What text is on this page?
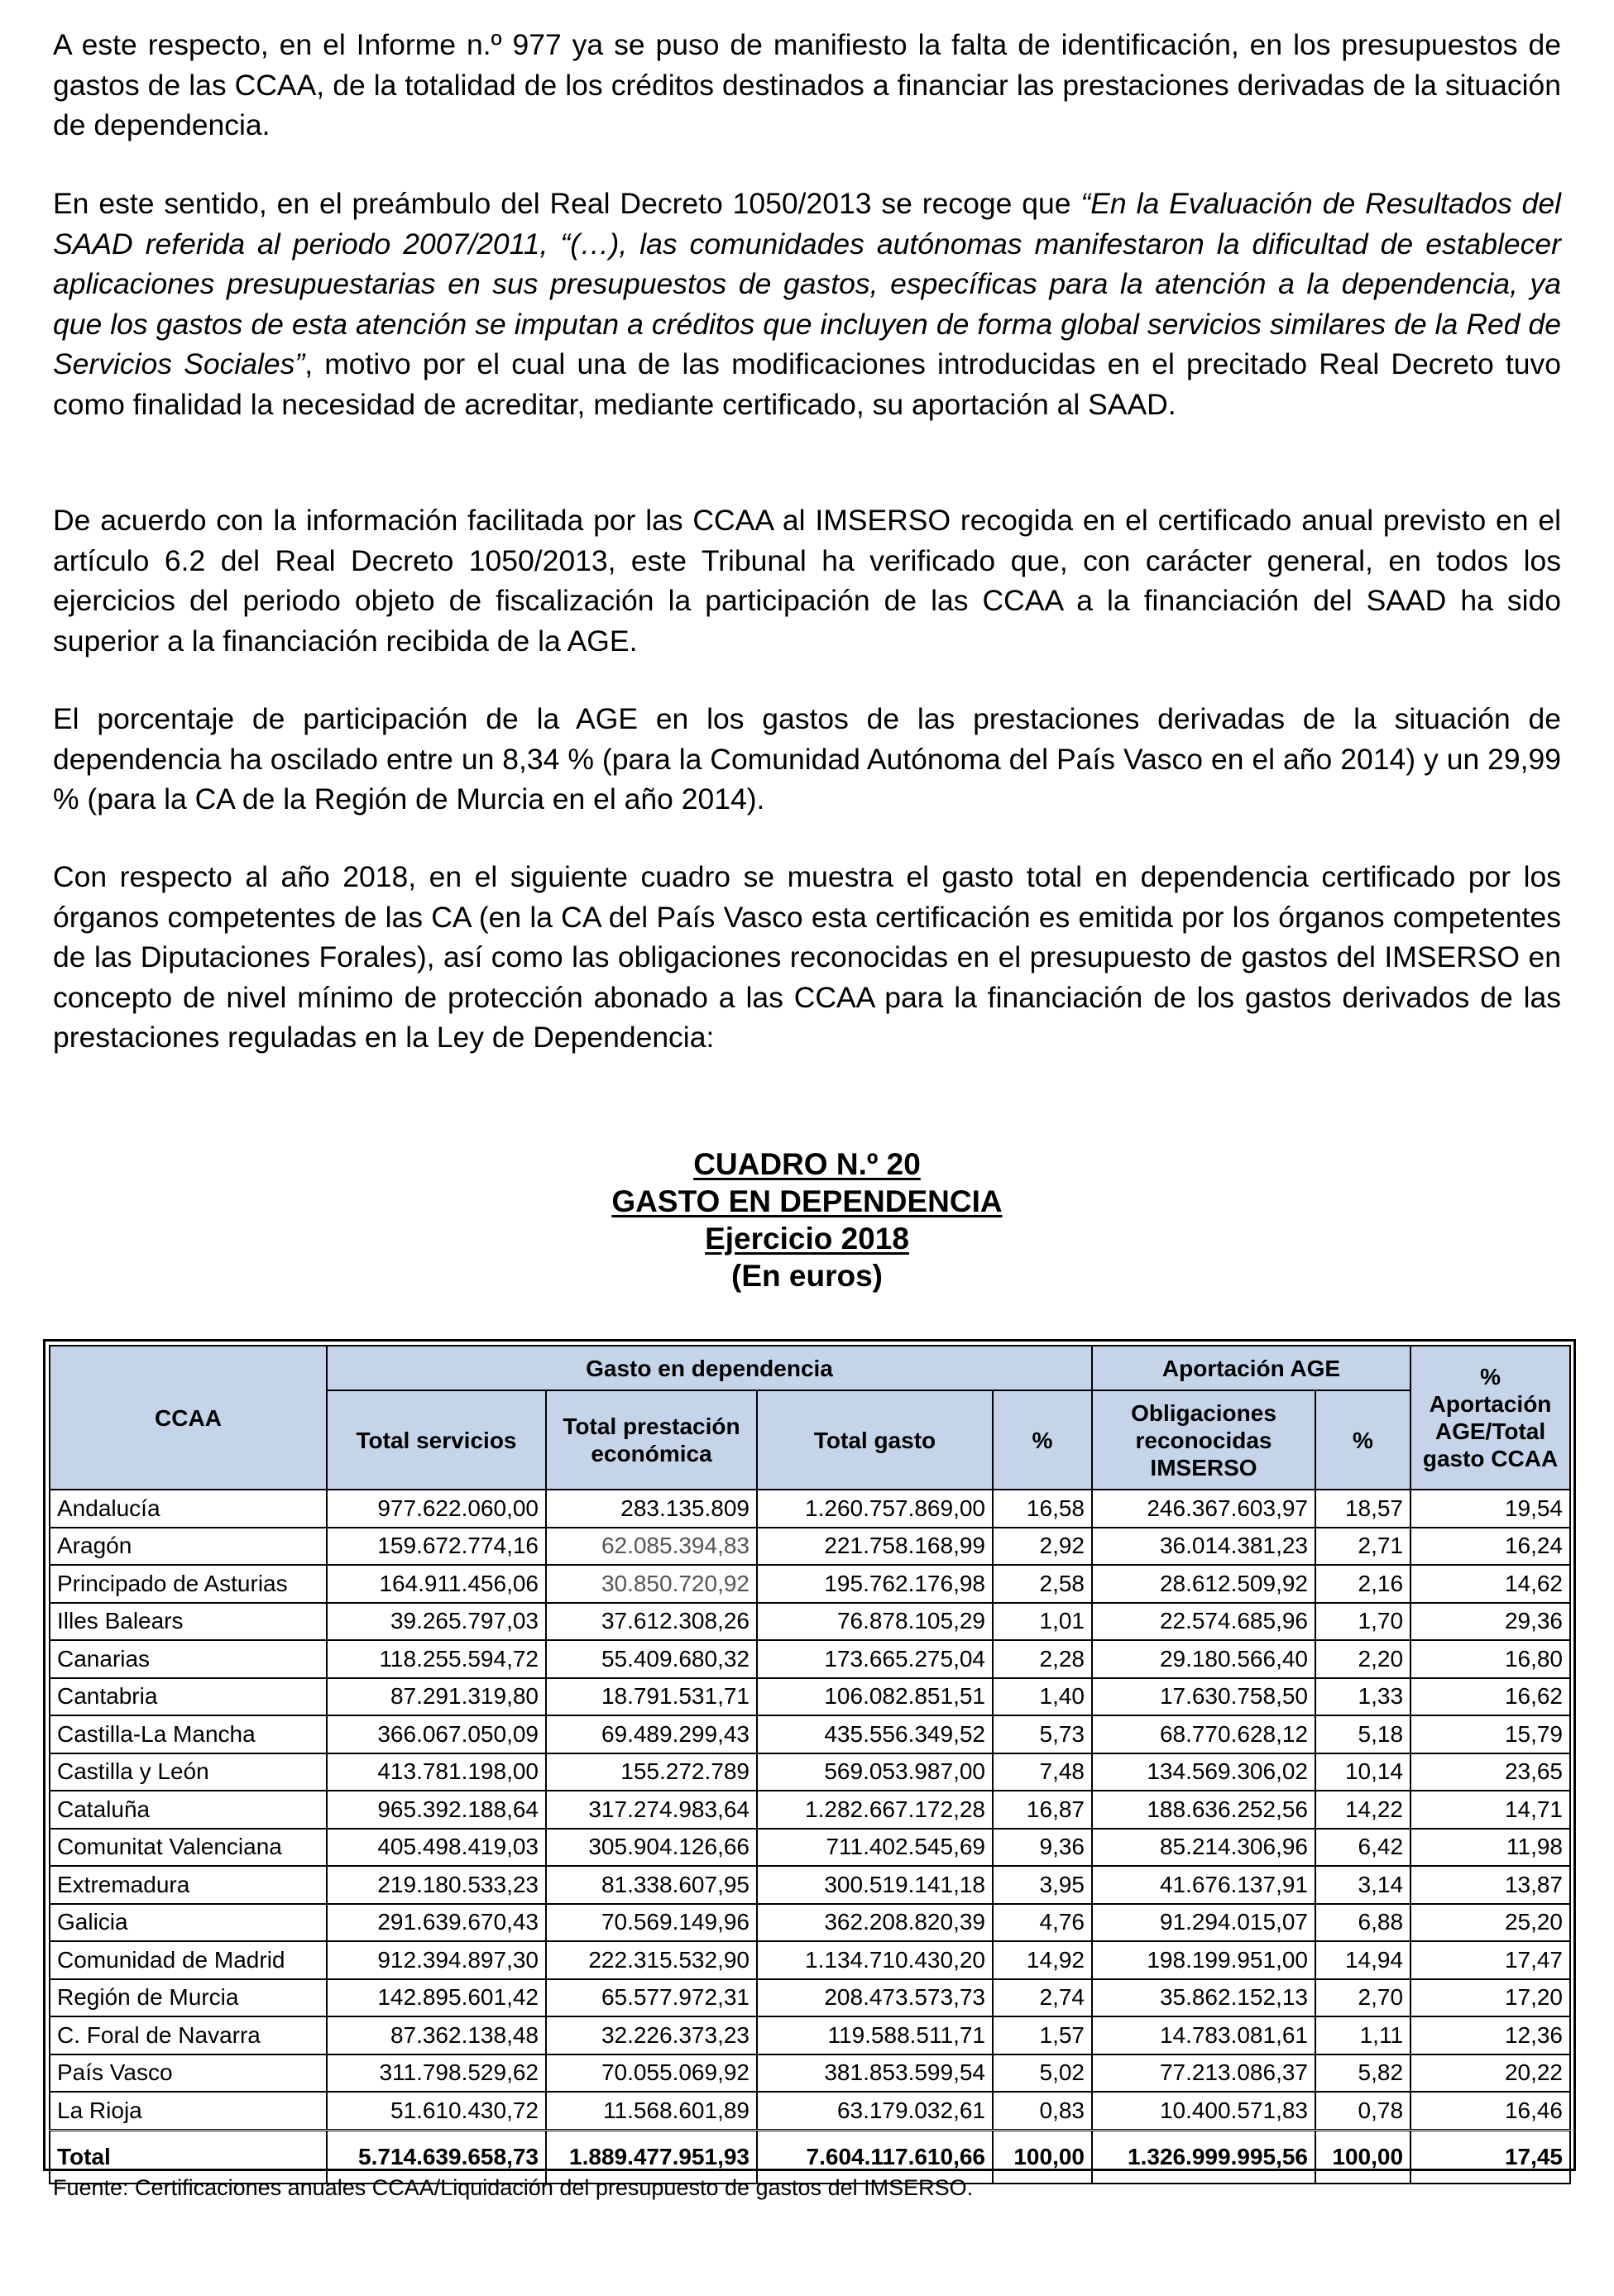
A este respecto, en el Informe n.º 977 ya se puso de manifiesto la falta de identificación, en los presupuestos de gastos de las CCAA, de la totalidad de los créditos destinados a financiar las prestaciones derivadas de la situación de dependencia.

En este sentido, en el preámbulo del Real Decreto 1050/2013 se recoge que “En la Evaluación de Resultados del SAAD referida al periodo 2007/2011, “(…), las comunidades autónomas manifestaron la dificultad de establecer aplicaciones presupuestarias en sus presupuestos de gastos, específicas para la atención a la dependencia, ya que los gastos de esta atención se imputan a créditos que incluyen de forma global servicios similares de la Red de Servicios Sociales”, motivo por el cual una de las modificaciones introducidas en el precitado Real Decreto tuvo como finalidad la necesidad de acreditar, mediante certificado, su aportación al SAAD.

De acuerdo con la información facilitada por las CCAA al IMSERSO recogida en el certificado anual previsto en el artículo 6.2 del Real Decreto 1050/2013, este Tribunal ha verificado que, con carácter general, en todos los ejercicios del periodo objeto de fiscalización la participación de las CCAA a la financiación del SAAD ha sido superior a la financiación recibida de la AGE.

El porcentaje de participación de la AGE en los gastos de las prestaciones derivadas de la situación de dependencia ha oscilado entre un 8,34 % (para la Comunidad Autónoma del País Vasco en el año 2014) y un 29,99 % (para la CA de la Región de Murcia en el año 2014).

Con respecto al año 2018, en el siguiente cuadro se muestra el gasto total en dependencia certificado por los órganos competentes de las CA (en la CA del País Vasco esta certificación es emitida por los órganos competentes de las Diputaciones Forales), así como las obligaciones reconocidas en el presupuesto de gastos del IMSERSO en concepto de nivel mínimo de protección abonado a las CCAA para la financiación de los gastos derivados de las prestaciones reguladas en la Ley de Dependencia:

CUADRO N.º 20
GASTO EN DEPENDENCIA
Ejercicio 2018
(En euros)
CCAA	Gasto en dependencia				Aportación AGE		% Aportación AGE/Total gasto CCAA
	Total servicios	Total prestación económica	Total gasto	%	Obligaciones reconocidas IMSERSO	%	
Andalucía	977.622.060,00	283.135.809	1.260.757.869,00	16,58	246.367.603,97	18,57	19,54
Aragón	159.672.774,16	62.085.394,83	221.758.168,99	2,92	36.014.381,23	2,71	16,24
Principado de Asturias	164.911.456,06	30.850.720,92	195.762.176,98	2,58	28.612.509,92	2,16	14,62
Illes Balears	39.265.797,03	37.612.308,26	76.878.105,29	1,01	22.574.685,96	1,70	29,36
Canarias	118.255.594,72	55.409.680,32	173.665.275,04	2,28	29.180.566,40	2,20	16,80
Cantabria	87.291.319,80	18.791.531,71	106.082.851,51	1,40	17.630.758,50	1,33	16,62
Castilla-La Mancha	366.067.050,09	69.489.299,43	435.556.349,52	5,73	68.770.628,12	5,18	15,79
Castilla y León	413.781.198,00	155.272.789	569.053.987,00	7,48	134.569.306,02	10,14	23,65
Cataluña	965.392.188,64	317.274.983,64	1.282.667.172,28	16,87	188.636.252,56	14,22	14,71
Comunitat Valenciana	405.498.419,03	305.904.126,66	711.402.545,69	9,36	85.214.306,96	6,42	11,98
Extremadura	219.180.533,23	81.338.607,95	300.519.141,18	3,95	41.676.137,91	3,14	13,87
Galicia	291.639.670,43	70.569.149,96	362.208.820,39	4,76	91.294.015,07	6,88	25,20
Comunidad de Madrid	912.394.897,30	222.315.532,90	1.134.710.430,20	14,92	198.199.951,00	14,94	17,47
Región de Murcia	142.895.601,42	65.577.972,31	208.473.573,73	2,74	35.862.152,13	2,70	17,20
C. Foral de Navarra	87.362.138,48	32.226.373,23	119.588.511,71	1,57	14.783.081,61	1,11	12,36
País Vasco	311.798.529,62	70.055.069,92	381.853.599,54	5,02	77.213.086,37	5,82	20,22
La Rioja	51.610.430,72	11.568.601,89	63.179.032,61	0,83	10.400.571,83	0,78	16,46
Total	5.714.639.658,73	1.889.477.951,93	7.604.117.610,66	100,00	1.326.999.995,56	100,00	17,45
Fuente: Certificaciones anuales CCAA/Liquidación del presupuesto de gastos del IMSERSO.
